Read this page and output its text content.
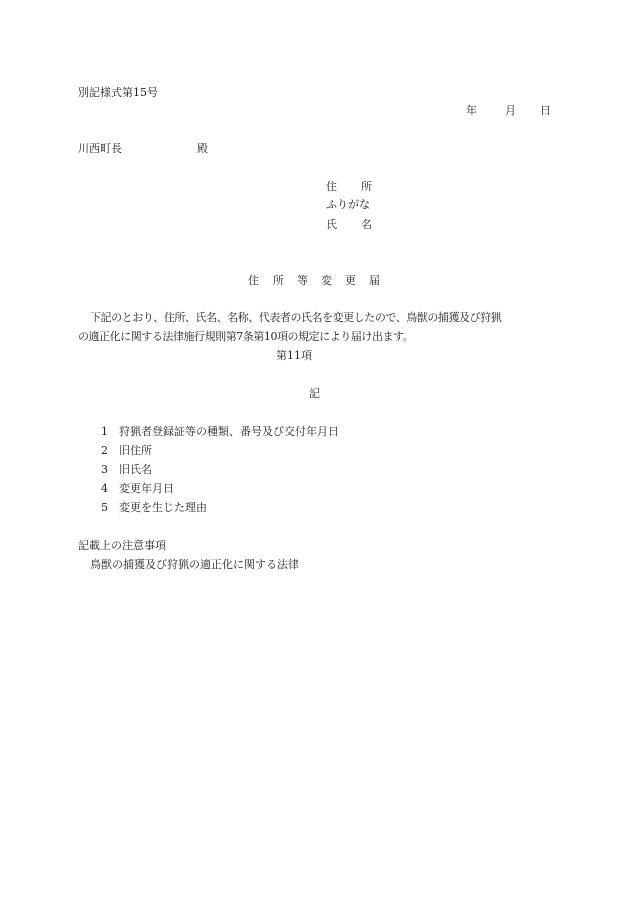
別記様式第15号
年	月 日
川西町長	殿
住 所
ふりがな
氏 名
住 所 等 変 更 届
下記のとおり、住所、氏名、名称、代表者の氏名を変更したので、鳥獣の捕獲及び狩猟
の適正化に関する法律施行規則第7条第10項の規定により届け出ます。
第11項
記
1 狩猟者登録証等の種類、番号及び交付年月日
2 旧住所
3 旧氏名
4 変更年月日
5 変更を生じた理由
記載上の注意事項
鳥獣の捕獲及び狩猟の適正化に関する法律
